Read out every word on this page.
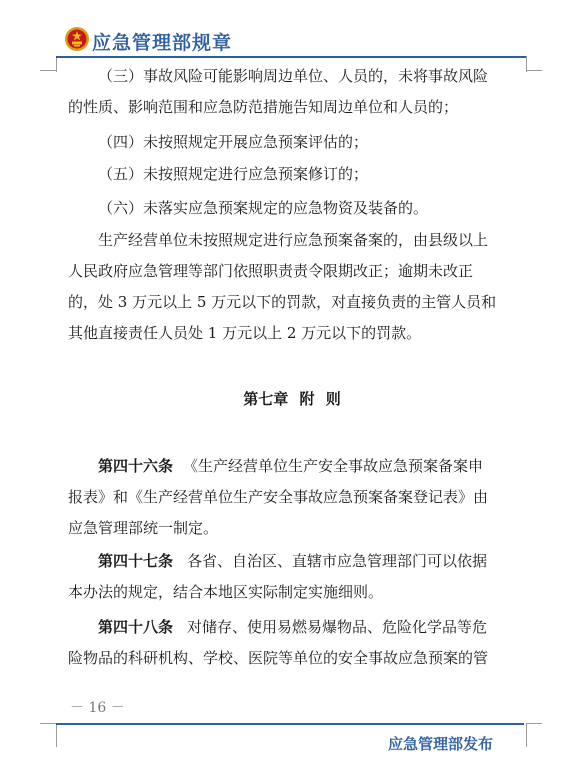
应急管理部规章
（三）事故风险可能影响周边单位、人员的，未将事故风险
的性质、影响范围和应急防范措施告知周边单位和人员的；
（四）未按照规定开展应急预案评估的；
（五）未按照规定进行应急预案修订的；
（六）未落实应急预案规定的应急物资及装备的。
生产经营单位未按照规定进行应急预案备案的，由县级以上
人民政府应急管理等部门依照职责责令限期改正；逾期未改正
的，处 3 万元以上 5 万元以下的罚款，对直接负责的主管人员和
其他直接责任人员处 1 万元以上 2 万元以下的罚款。
第七章 附 则
第四十六条 《生产经营单位生产安全事故应急预案备案申
报表》和《生产经营单位生产安全事故应急预案备案登记表》由
应急管理部统一制定。
第四十七条 各省、自治区、直辖市应急管理部门可以依据
本办法的规定，结合本地区实际制定实施细则。
第四十八条 对储存、使用易燃易爆物品、危险化学品等危
险物品的科研机构、学校、医院等单位的安全事故应急预案的管
－ 16 －
应急管理部发布
